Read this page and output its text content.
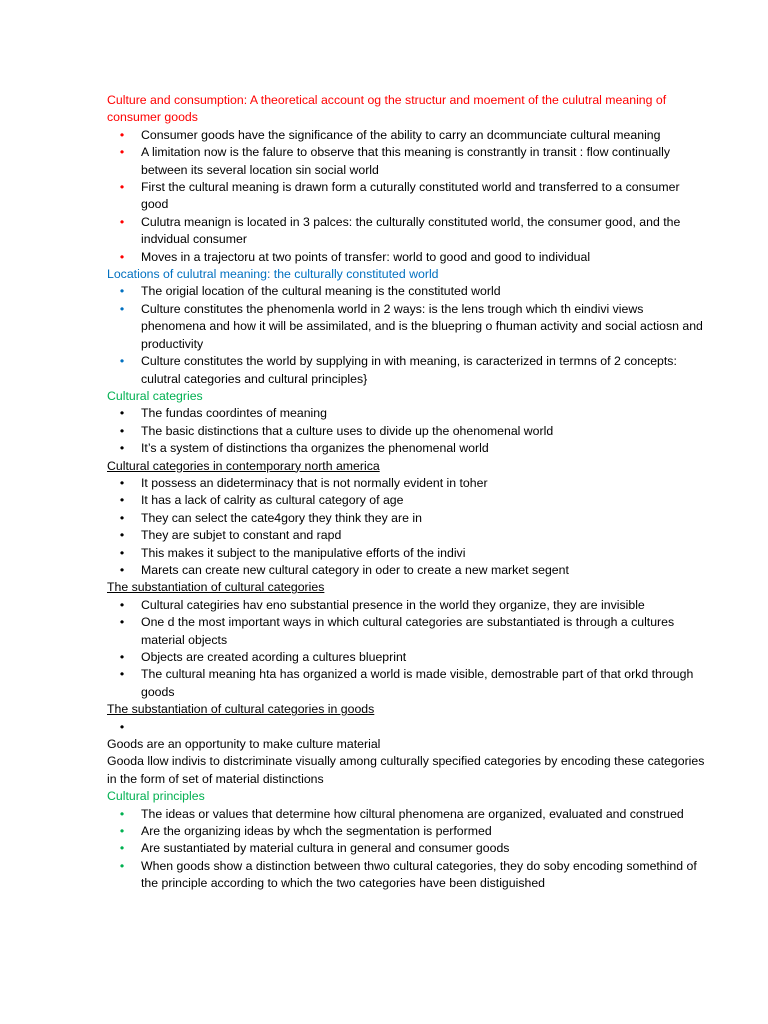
Culture and consumption: A theoretical account og the structur and moement of the culutral meaning of consumer goods

• Consumer goods have the significance of the ability to carry an dcommunciate cultural meaning
• A limitation now is the falure to observe that this meaning is constrantly in transit : flow continually between its several location sin social world
• First the cultural meaning is drawn form a cuturally constituted world and transferred to a consumer good
• Culutra meanign is located in 3 palces: the culturally constituted world, the consumer good, and the indvidual consumer
• Moves in a trajectoru at two points of transfer: world to good and good to individual

Locations of culutral meaning: the culturally constituted world

• The origial location of the cultural meaning is the constituted world
• Culture constitutes the phenomenla world in 2 ways: is the lens trough which th eindivi views phenomena and how it will be assimilated, and is the bluepring o fhuman activity and social actiosn and productivity
• Culture constitutes the world by supplying in with meaning, is caracterized in termns of 2 concepts: culutral categories and cultural principles}

Cultural categries

• The fundas coordintes of meaning
• The basic distinctions that a culture uses to divide up the ohenomenal world
• It’s a system of distinctions tha organizes the phenomenal world

Cultural categories in contemporary north america

• It possess an dideterminacy that is not normally evident in toher
• It has a lack of calrity as cultural category of age
• They can select the cate4gory they think they are in
• They are subjet to constant and rapd
• This makes it subject to the manipulative efforts of the indivi
• Marets can create new cultural category in oder to create a new market segent

The substantiation of cultural categories

• Cultural categiries hav eno substantial presence in the world they organize, they are invisible
• One d the most important ways in which cultural categories are substantiated is through a cultures material objects
• Objects are created acording a cultures blueprint
• The cultural meaning hta has organized a world is made visible, demostrable part of that orkd through goods

The substantiation of cultural categories in goods

•

Goods are an opportunity to make culture material

Gooda llow indivis to distcriminate visually among culturally specified categories by encoding these categories in the form of set of material distinctions

Cultural principles

• The ideas or values that determine how ciltural phenomena are organized, evaluated and construed
• Are the organizing ideas by whch the segmentation is performed
• Are sustantiated by material cultura in general and consumer goods
• When goods show a distinction between thwo cultural categories, they do soby encoding somethind of the principle according to which the two categories have been distiguished
